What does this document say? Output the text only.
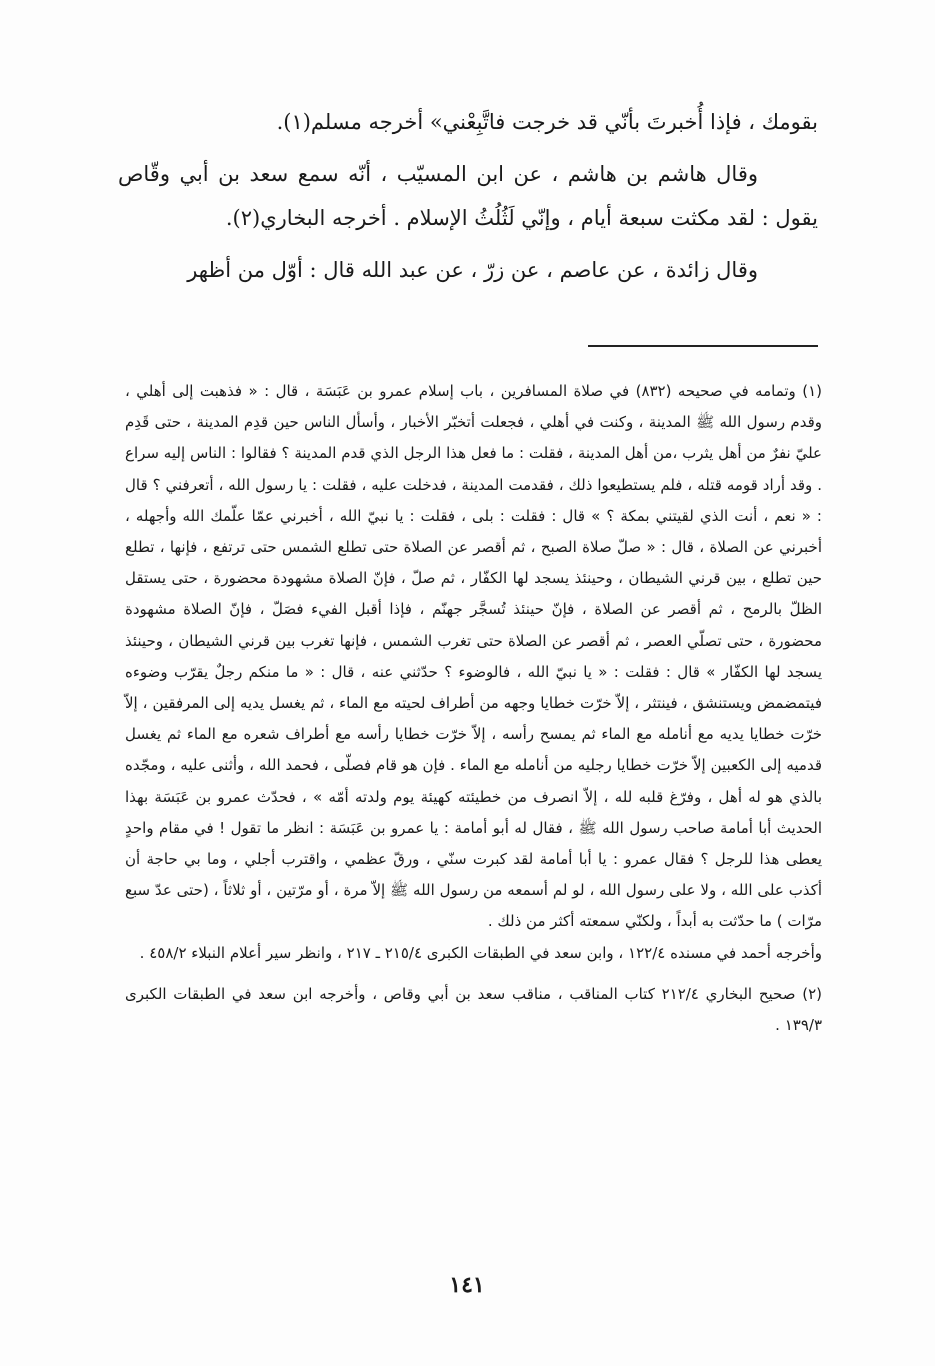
بقومك ، فإذا أُخبرتَ بأنّي قد خرجت فاتَّبِعْني» أخرجه مسلم(١).

وقال هاشم بن هاشم ، عن ابن المسيّب ، أنّه سمع سعد بن أبي وقّاص يقول : لقد مكثت سبعة أيام ، وإنّي لَثُلُثُ الإسلام . أخرجه البخاري(٢).

وقال زائدة ، عن عاصم ، عن زرّ ، عن عبد الله قال : أوّل من أظهر

(١) وتمامه في صحيحه (٨٣٢) في صلاة المسافرين ، باب إسلام عمرو بن عَبَسَة ، قال : « فذهبت إلى أهلي ، وقدم رسول الله ﷺ المدينة ، وكنت في أهلي ، فجعلت أتخبّر الأخبار ، وأسأل الناس حين قدِم المدينة ، حتى قَدِم عليّ نفرٌ من أهل يثرب ،من أهل المدينة ، فقلت : ما فعل هذا الرجل الذي قدم المدينة ؟ فقالوا : الناس إليه سراع . وقد أراد قومه قتله ، فلم يستطيعوا ذلك ، فقدمت المدينة ، فدخلت عليه ، فقلت : يا رسول الله ، أتعرفني ؟ قال : « نعم ، أنت الذي لقيتني بمكة ؟ » قال : فقلت : بلى ، فقلت : يا نبيّ الله ، أخبرني عمّا علّمك الله وأجهله ، أخبرني عن الصلاة ، قال : « صلّ صلاة الصبح ، ثم أقصر عن الصلاة حتى تطلع الشمس حتى ترتفع ، فإنها ، تطلع حين تطلع ، بين قرني الشيطان ، وحينئذ يسجد لها الكفّار ، ثم صلّ ، فإنّ الصلاة مشهودة محضورة ، حتى يستقل الظلّ بالرمح ، ثم أقصر عن الصلاة ، فإنّ حينئذ تُسجَّر جهنّم ، فإذا أقبل الفيء فصَلّ ، فإنّ الصلاة مشهودة محضورة ، حتى تصلّي العصر ، ثم أقصر عن الصلاة حتى تغرب الشمس ، فإنها تغرب بين قرني الشيطان ، وحينئذ يسجد لها الكفّار » قال : فقلت : « يا نبيّ الله ، فالوضوء ؟ حدّثني عنه ، قال : « ما منكم رجلٌ يقرّب وضوءه فيتمضمض ويستنشق ، فينتثر ، إلاّ خرّت خطايا وجهه من أطراف لحيته مع الماء ، ثم يغسل يديه إلى المرفقين ، إلاّ خرّت خطايا يديه مع أنامله مع الماء ثم يمسح رأسه ، إلاّ خرّت خطايا رأسه مع أطراف شعره مع الماء ثم يغسل قدميه إلى الكعبين إلاّ خرّت خطايا رجليه من أنامله مع الماء . فإن هو قام فصلّى ، فحمد الله ، وأثنى عليه ، ومجّده بالذي هو له أهل ، وفرّغ قلبه لله ، إلاّ انصرف من خطيئته كهيئة يوم ولدته أمّه » ، فحدّث عمرو بن عَبَسَة بهذا الحديث أبا أمامة صاحب رسول الله ﷺ ، فقال له أبو أمامة : يا عمرو بن عَبَسَة : انظر ما تقول ! في مقام واحدٍ يعطى هذا للرجل ؟ فقال عمرو : يا أبا أمامة لقد كبرت سنّي ، ورقّ عظمي ، واقترب أجلي ، وما بي حاجة أن أكذب على الله ، ولا على رسول الله ، لو لم أسمعه من رسول الله ﷺ إلاّ مرة ، أو مرّتين ، أو ثلاثاً ، (حتى عدّ سبع مرّات ) ما حدّثت به أبداً ، ولكنّي سمعته أكثر من ذلك .

وأخرجه أحمد في مسنده ١٢٢/٤ ، وابن سعد في الطبقات الكبرى ٢١٥/٤ ـ ٢١٧ ، وانظر سير أعلام النبلاء ٤٥٨/٢ .

(٢) صحيح البخاري ٢١٢/٤ كتاب المناقب ، مناقب سعد بن أبي وقاص ، وأخرجه ابن سعد في الطبقات الكبرى ١٣٩/٣ .

١٤١
